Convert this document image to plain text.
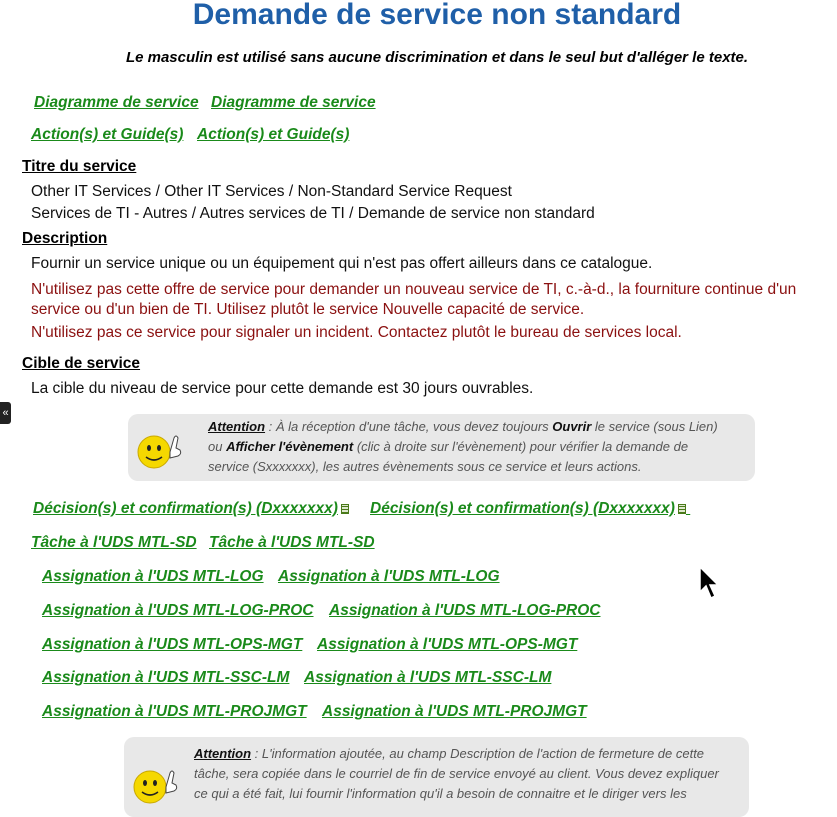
Demande de service non standard
Le masculin est utilisé sans aucune discrimination et dans le seul but d'alléger le texte.
Diagramme de service Diagramme de service
Action(s) et Guide(s) Action(s) et Guide(s)
Titre du service
Other IT Services / Other IT Services / Non-Standard Service Request
Services de TI - Autres / Autres services de TI / Demande de service non standard
Description
Fournir un service unique ou un équipement qui n'est pas offert ailleurs dans ce catalogue.
N'utilisez pas cette offre de service pour demander un nouveau service de TI, c.-à-d., la fourniture continue d'un service ou d'un bien de TI. Utilisez plutôt le service Nouvelle capacité de service.
N'utilisez pas ce service pour signaler un incident. Contactez plutôt le bureau de services local.
Cible de service
La cible du niveau de service pour cette demande est 30 jours ouvrables.
«
Attention : À la réception d'une tâche, vous devez toujours Ouvrir le service (sous Lien) ou Afficher l'évènement (clic à droite sur l'évènement) pour vérifier la demande de service (Sxxxxxxx), les autres évènements sous ce service et leurs actions.
Décision(s) et confirmation(s) (Dxxxxxxx)	Décision(s) et confirmation(s) (Dxxxxxxx)
Tâche à l'UDS MTL-SD Tâche à l'UDS MTL-SD
Assignation à l'UDS MTL-LOG Assignation à l'UDS MTL-LOG
Assignation à l'UDS MTL-LOG-PROC Assignation à l'UDS MTL-LOG-PROC
Assignation à l'UDS MTL-OPS-MGT Assignation à l'UDS MTL-OPS-MGT
Assignation à l'UDS MTL-SSC-LM Assignation à l'UDS MTL-SSC-LM
Assignation à l'UDS MTL-PROJMGT Assignation à l'UDS MTL-PROJMGT
Attention : L'information ajoutée, au champ Description de l'action de fermeture de cette tâche, sera copiée dans le courriel de fin de service envoyé au client. Vous devez expliquer ce qui a été fait, lui fournir l'information qu'il a besoin de connaitre et le diriger vers les
